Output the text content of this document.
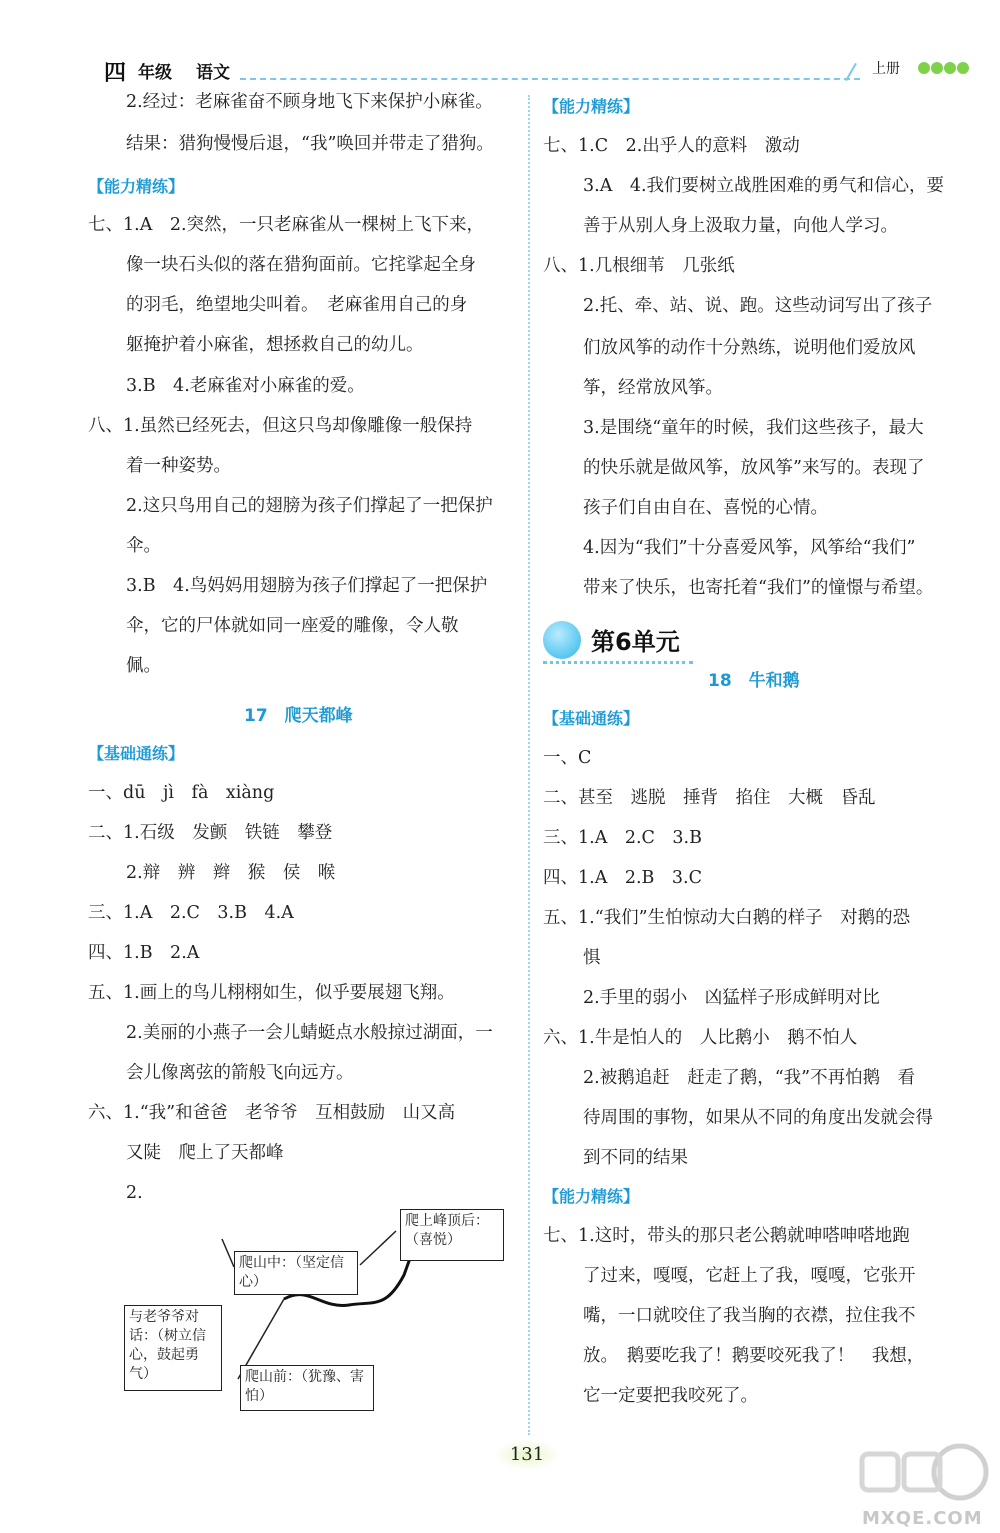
四 年级 语文	上册
2.经过：老麻雀奋不顾身地飞下来保护小麻雀。
结果：猎狗慢慢后退，“我”唤回并带走了猎狗。
【能力精练】
七、1.A　2.突然，一只老麻雀从一棵树上飞下来，
像一块石头似的落在猎狗面前。它挓挲起全身
的羽毛，绝望地尖叫着。　老麻雀用自己的身
躯掩护着小麻雀，想拯救自己的幼儿。
3.B　4.老麻雀对小麻雀的爱。
八、1.虽然已经死去，但这只鸟却像雕像一般保持
着一种姿势。
2.这只鸟用自己的翅膀为孩子们撑起了一把保护
伞。
3.B　4.鸟妈妈用翅膀为孩子们撑起了一把保护
伞，它的尸体就如同一座爱的雕像，令人敬
佩。
17　爬天都峰
【基础通练】
一、dū　jì　fà　xiàng
二、1.石级　发颤　铁链　攀登
2.辩　辨　辫　猴　侯　喉
三、1.A　2.C　3.B　4.A
四、1.B　2.A
五、1.画上的鸟儿栩栩如生，似乎要展翅飞翔。
2.美丽的小燕子一会儿蜻蜓点水般掠过湖面，一
会儿像离弦的箭般飞向远方。
六、1.“我”和爸爸　老爷爷　互相鼓励　山又高
又陡　爬上了天都峰
2.
爬上峰顶后：（喜悦）
爬山中：（坚定信心）
与老爷爷对话：（树立信心，鼓起勇气）	爬山前：（犹豫、害怕）
【能力精练】
七、1.C　2.出乎人的意料　激动
3.A　4.我们要树立战胜困难的勇气和信心，要
善于从别人身上汲取力量，向他人学习。
八、1.几根细苇　几张纸
2.托、牵、站、说、跑。这些动词写出了孩子
们放风筝的动作十分熟练，说明他们爱放风
筝，经常放风筝。
3.是围绕“童年的时候，我们这些孩子，最大
的快乐就是做风筝，放风筝”来写的。表现了
孩子们自由自在、喜悦的心情。
4.因为“我们”十分喜爱风筝，风筝给“我们”
带来了快乐，也寄托着“我们”的憧憬与希望。
第6单元
18　牛和鹅
【基础通练】
一、C
二、甚至　逃脱　捶背　掐住　大概　昏乱
三、1.A　2.C　3.B
四、1.A　2.B　3.C
五、1.“我们”生怕惊动大白鹅的样子　对鹅的恐
惧
2.手里的弱小　凶猛样子形成鲜明对比
六、1.牛是怕人的　人比鹅小　鹅不怕人
2.被鹅追赶　赶走了鹅，“我”不再怕鹅　看
待周围的事物，如果从不同的角度出发就会得
到不同的结果
【能力精练】
七、1.这时，带头的那只老公鹅就呻嗒呻嗒地跑
了过来，嘎嘎，它赶上了我，嘎嘎，它张开
嘴，一口就咬住了我当胸的衣襟，拉住我不
放。　鹅要吃我了！鹅要咬死我了！　我想，
它一定要把我咬死了。
131
MXQE.COM
